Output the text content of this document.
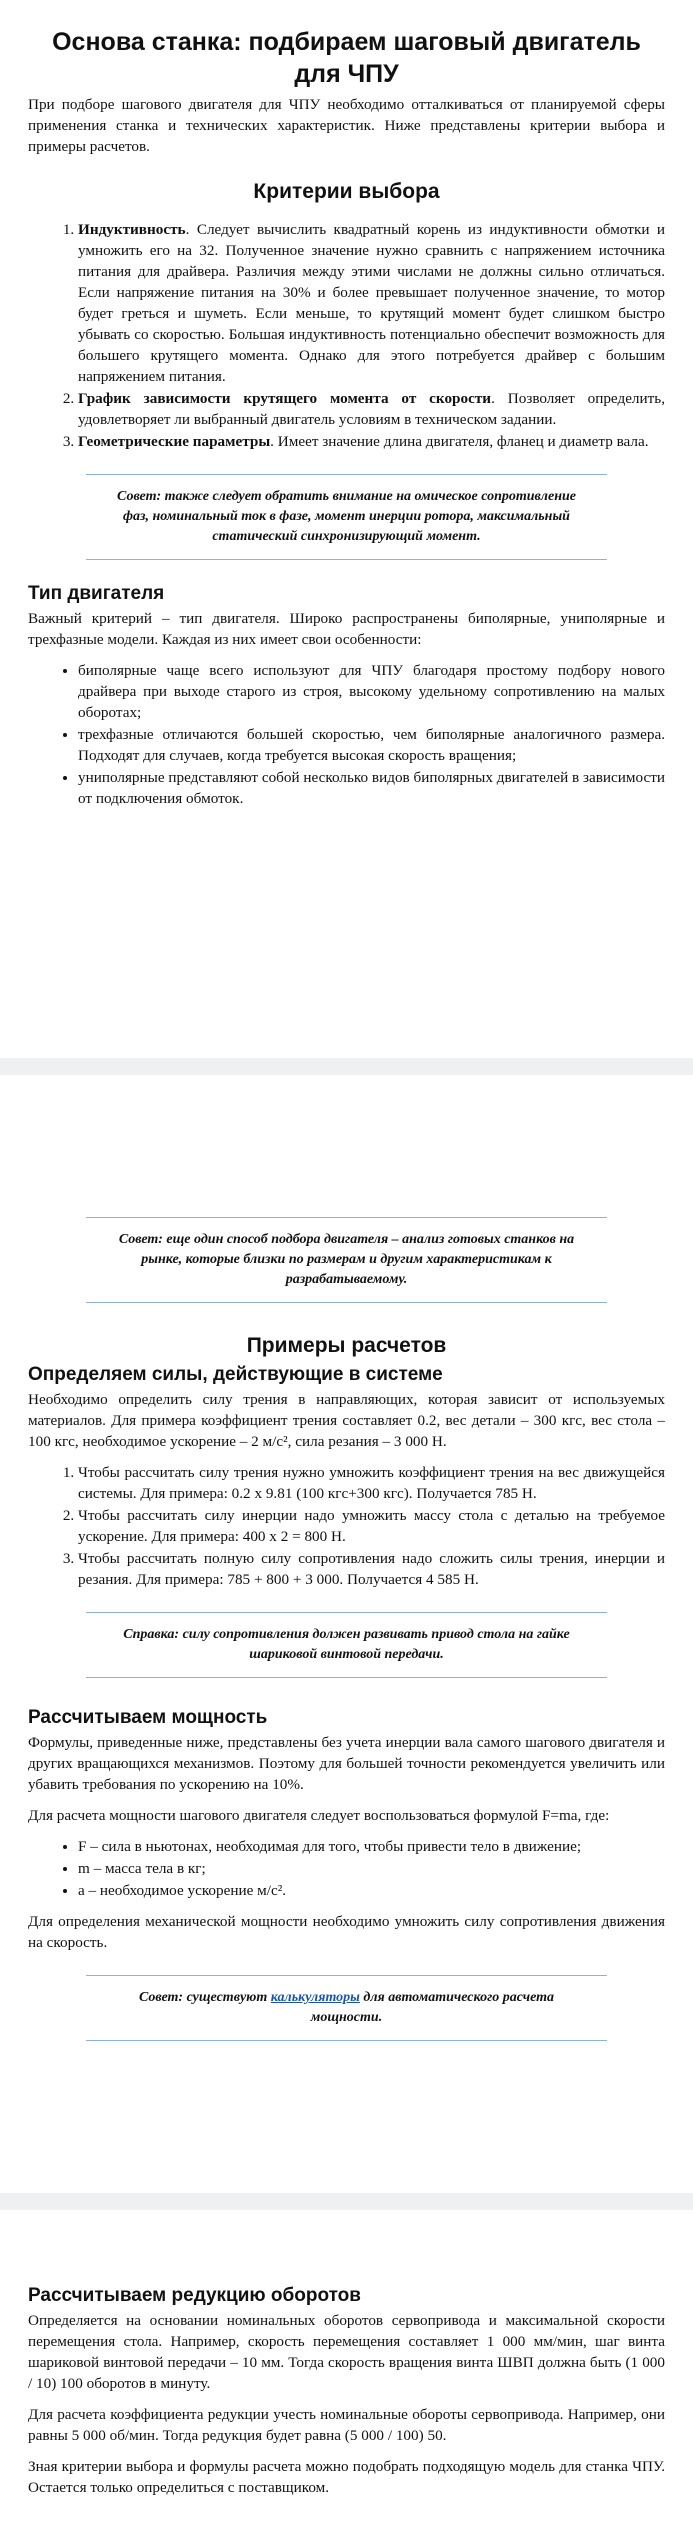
Основа станка: подбираем шаговый двигатель для ЧПУ

При подборе шагового двигателя для ЧПУ необходимо отталкиваться от планируемой сферы применения станка и технических характеристик. Ниже представлены критерии выбора и примеры расчетов.

Критерии выбора
1. Индуктивность. Следует вычислить квадратный корень из индуктивности обмотки и умножить его на 32. Полученное значение нужно сравнить с напряжением источника питания для драйвера. Различия между этими числами не должны сильно отличаться. Если напряжение питания на 30% и более превышает полученное значение, то мотор будет греться и шуметь. Если меньше, то крутящий момент будет слишком быстро убывать со скоростью. Большая индуктивность потенциально обеспечит возможность для большего крутящего момента. Однако для этого потребуется драйвер с большим напряжением питания.
2. График зависимости крутящего момента от скорости. Позволяет определить, удовлетворяет ли выбранный двигатель условиям в техническом задании.
3. Геометрические параметры. Имеет значение длина двигателя, фланец и диаметр вала.
Совет: также следует обратить внимание на омическое сопротивление фаз, номинальный ток в фазе, момент инерции ротора, максимальный статический синхронизирующий момент.
Тип двигателя

Важный критерий – тип двигателя. Широко распространены биполярные, униполярные и трехфазные модели. Каждая из них имеет свои особенности:

• биполярные чаще всего используют для ЧПУ благодаря простому подбору нового драйвера при выходе старого из строя, высокому удельному сопротивлению на малых оборотах;
• трехфазные отличаются большей скоростью, чем биполярные аналогичного размера. Подходят для случаев, когда требуется высокая скорость вращения;
• униполярные представляют собой несколько видов биполярных двигателей в зависимости от подключения обмоток.
Совет: еще один способ подбора двигателя – анализ готовых станков на рынке, которые близки по размерам и другим характеристикам к разрабатываемому.
Примеры расчетов
Определяем силы, действующие в системе

Необходимо определить силу трения в направляющих, которая зависит от используемых материалов. Для примера коэффициент трения составляет 0.2, вес детали – 300 кгс, вес стола – 100 кгс, необходимое ускорение – 2 м/с², сила резания – 3 000 Н.

1. Чтобы рассчитать силу трения нужно умножить коэффициент трения на вес движущейся системы. Для примера: 0.2 x 9.81 (100 кгс+300 кгс). Получается 785 Н.
2. Чтобы рассчитать силу инерции надо умножить массу стола с деталью на требуемое ускорение. Для примера: 400 х 2 = 800 Н.
3. Чтобы рассчитать полную силу сопротивления надо сложить силы трения, инерции и резания. Для примера: 785 + 800 + 3 000. Получается 4 585 Н.
Справка: силу сопротивления должен развивать привод стола на гайке шариковой винтовой передачи.
Рассчитываем мощность

Формулы, приведенные ниже, представлены без учета инерции вала самого шагового двигателя и других вращающихся механизмов. Поэтому для большей точности рекомендуется увеличить или убавить требования по ускорению на 10%.

Для расчета мощности шагового двигателя следует воспользоваться формулой F=ma, где:

• F – сила в ньютонах, необходимая для того, чтобы привести тело в движение;
• m – масса тела в кг;
• a – необходимое ускорение м/с².

Для определения механической мощности необходимо умножить силу сопротивления движения на скорость.

Совет: существуют калькуляторы для автоматического расчета мощности.
Рассчитываем редукцию оборотов

Определяется на основании номинальных оборотов сервопривода и максимальной скорости перемещения стола. Например, скорость перемещения составляет 1 000 мм/мин, шаг винта шариковой винтовой передачи – 10 мм. Тогда скорость вращения винта ШВП должна быть (1 000 / 10) 100 оборотов в минуту.

Для расчета коэффициента редукции учесть номинальные обороты сервопривода. Например, они равны 5 000 об/мин. Тогда редукция будет равна (5 000 / 100) 50.

Зная критерии выбора и формулы расчета можно подобрать подходящую модель для станка ЧПУ. Остается только определиться с поставщиком.
